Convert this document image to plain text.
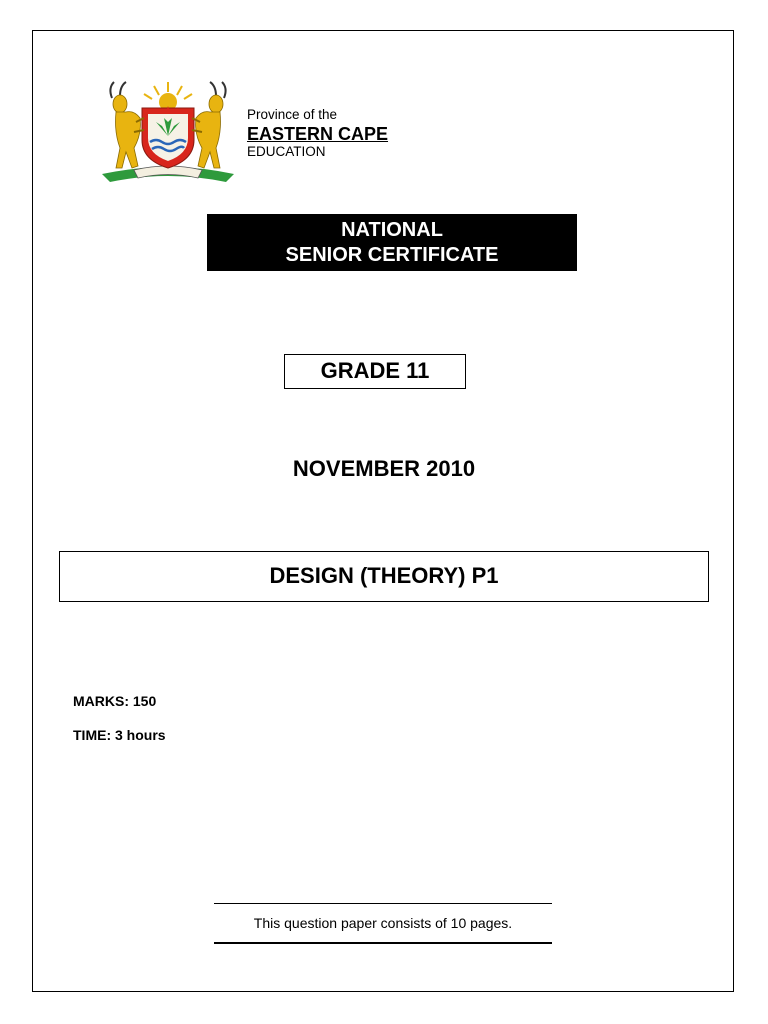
Province of the
EASTERN CAPE
EDUCATION
NATIONAL
SENIOR CERTIFICATE
GRADE 11
NOVEMBER 2010
DESIGN (THEORY) P1
MARKS: 150
TIME: 3 hours
This question paper consists of 10 pages.
